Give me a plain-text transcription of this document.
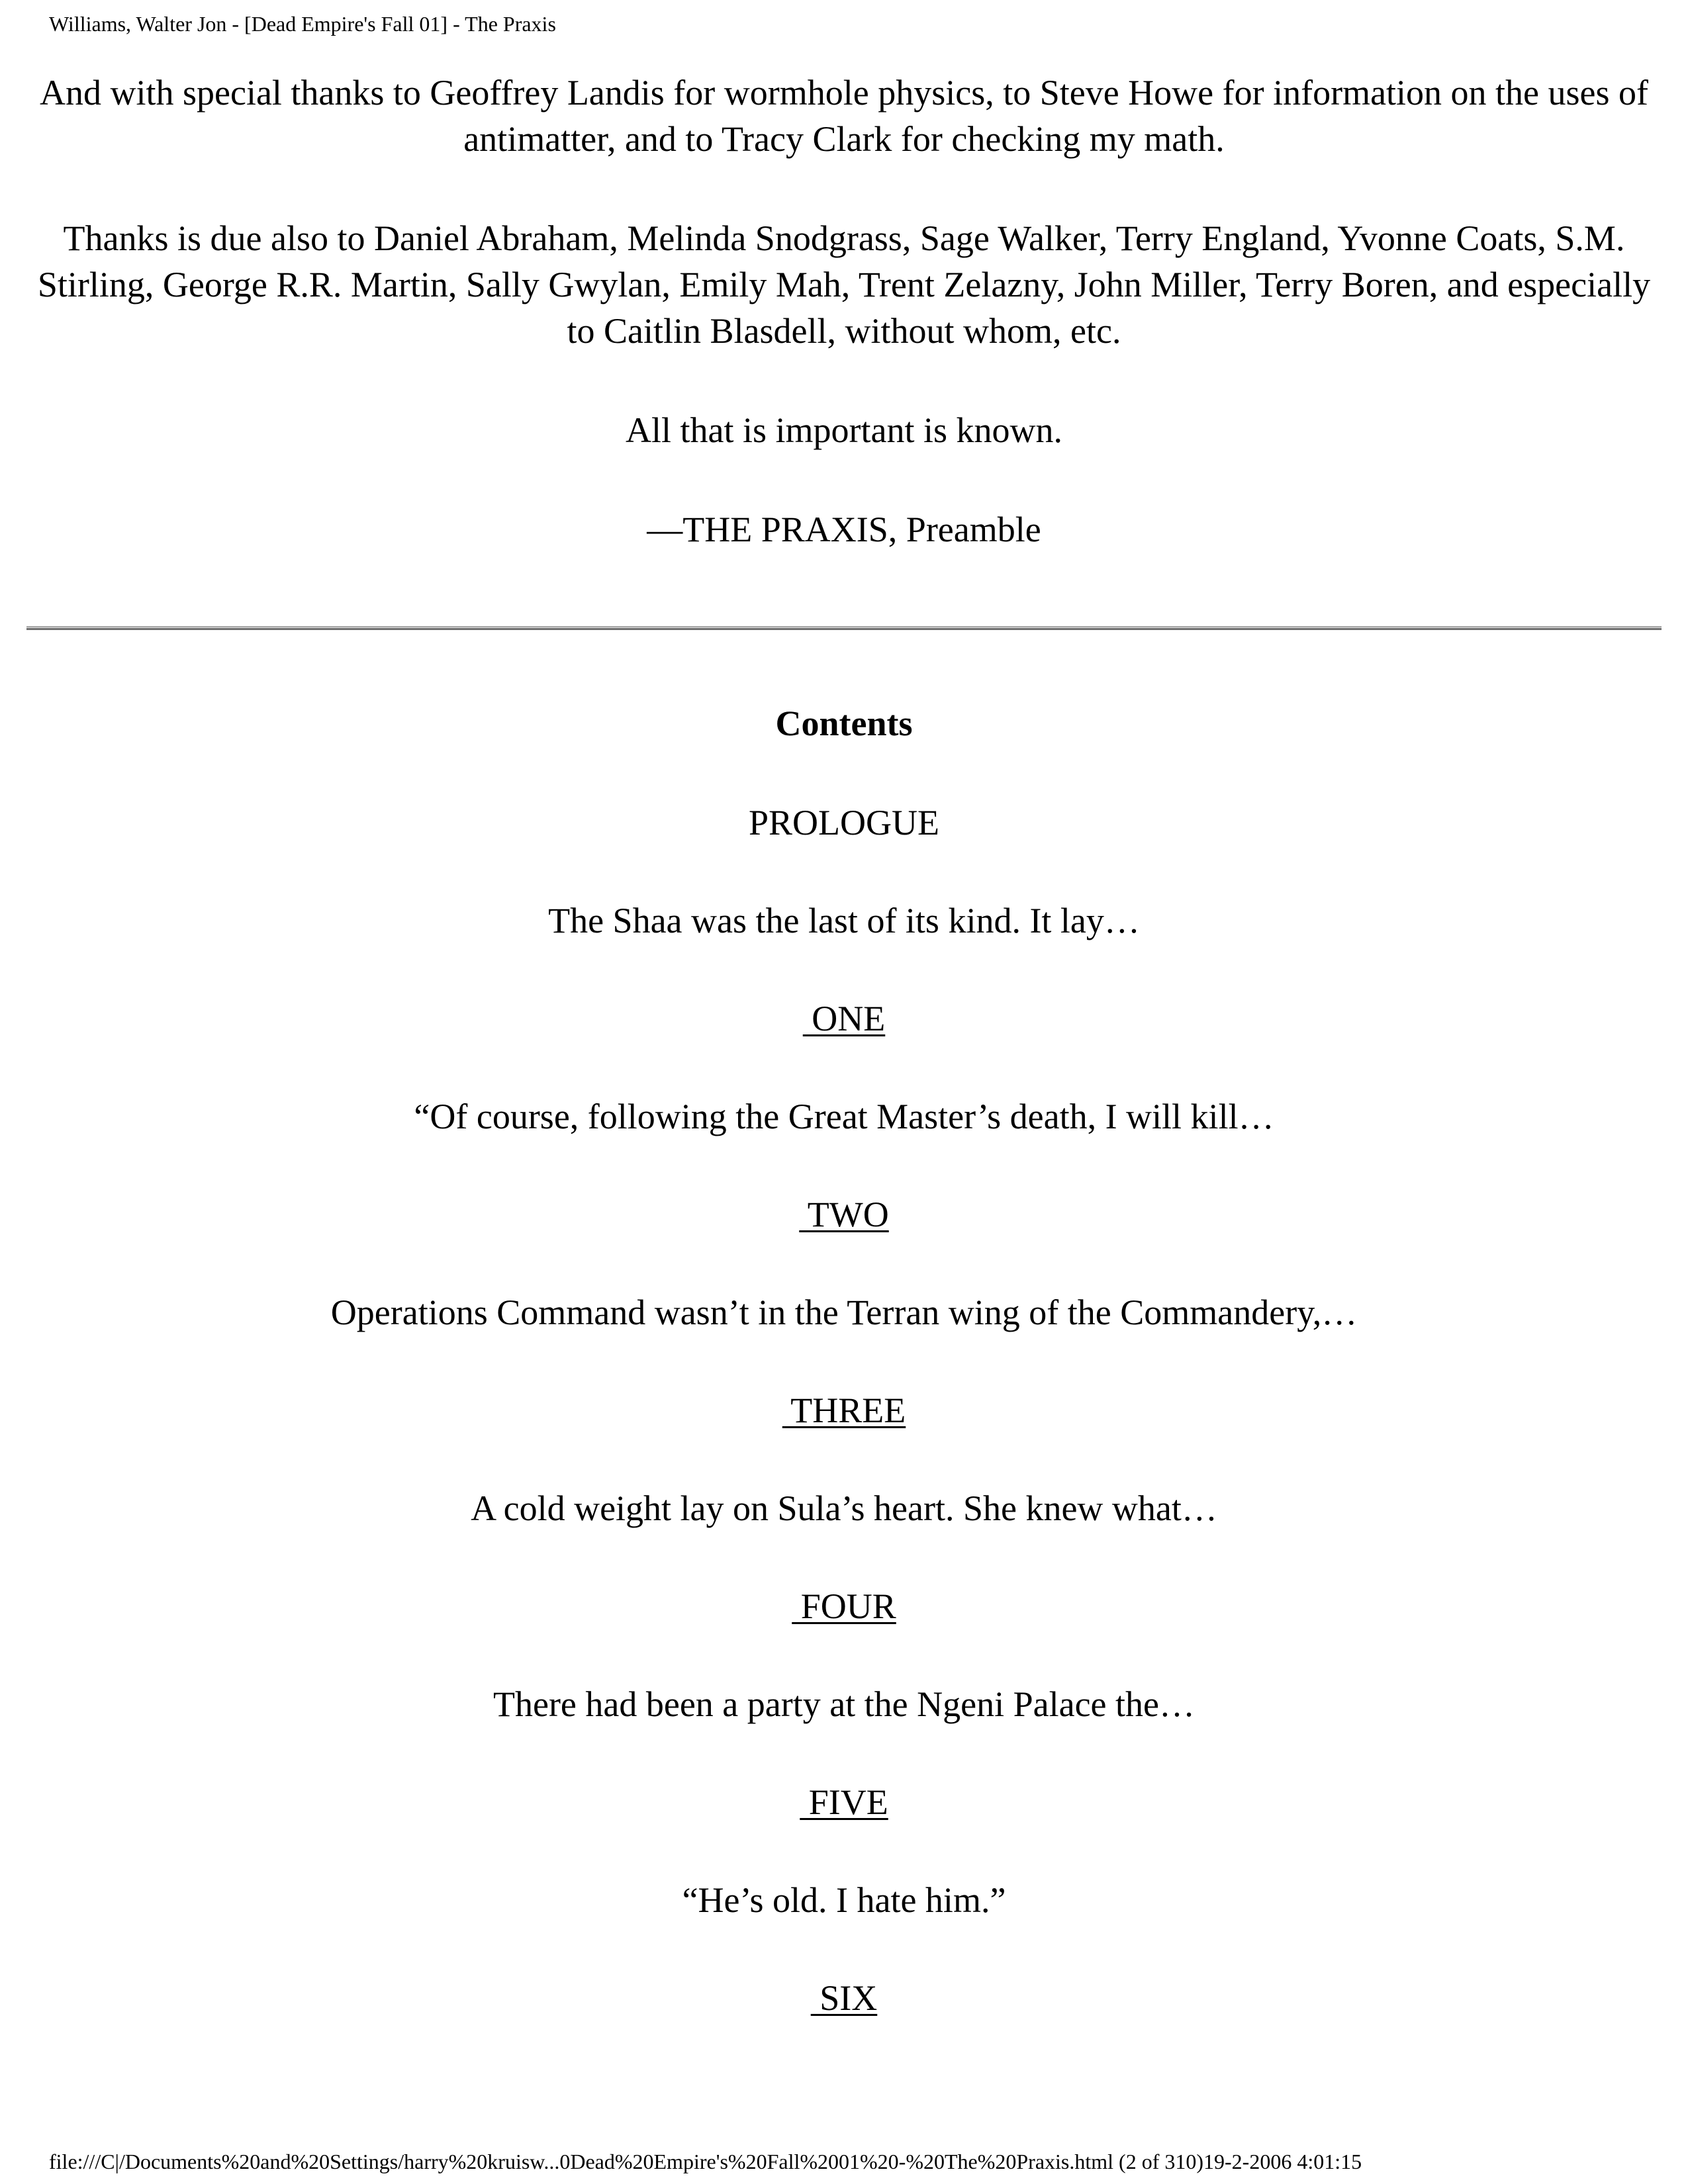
Williams, Walter Jon - [Dead Empire's Fall 01] - The Praxis
And with special thanks to Geoffrey Landis for wormhole physics, to Steve Howe for information on the uses of antimatter, and to Tracy Clark for checking my math.
Thanks is due also to Daniel Abraham, Melinda Snodgrass, Sage Walker, Terry England, Yvonne Coats, S.M. Stirling, George R.R. Martin, Sally Gwylan, Emily Mah, Trent Zelazny, John Miller, Terry Boren, and especially to Caitlin Blasdell, without whom, etc.
All that is important is known.
—THE PRAXIS, Preamble
Contents
PROLOGUE
The Shaa was the last of its kind. It lay…
ONE
“Of course, following the Great Master’s death, I will kill…
TWO
Operations Command wasn’t in the Terran wing of the Commandery,…
THREE
A cold weight lay on Sula’s heart. She knew what…
FOUR
There had been a party at the Ngeni Palace the…
FIVE
“He’s old. I hate him.”
SIX
file:///C|/Documents%20and%20Settings/harry%20kruisw...0Dead%20Empire's%20Fall%2001%20-%20The%20Praxis.html (2 of 310)19-2-2006 4:01:15
